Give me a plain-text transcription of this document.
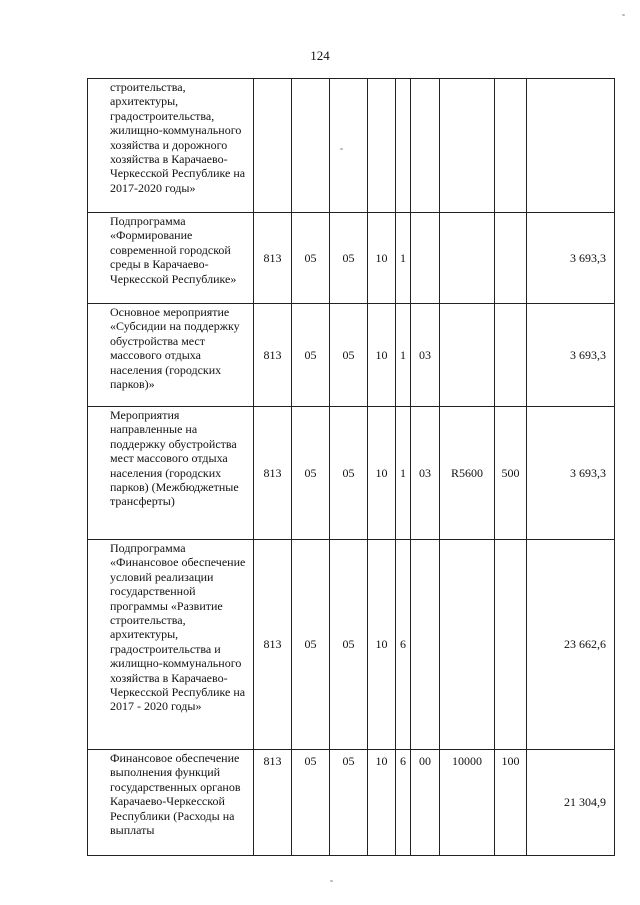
124
строительства, архитектуры, градостроительства, жилищно-коммунального хозяйства и дорожного хозяйства в Карачаево-Черкесской Республике на 2017-2020 годы»									

Подпрограмма «Формирование современной городской среды в Карачаево-Черкесской Республике»	813	05	05	10	1				3 693,3

Основное мероприятие «Субсидии на поддержку обустройства мест массового отдыха населения (городских парков)»	813	05	05	10	1	03			3 693,3

Мероприятия направленные на поддержку обустройства мест массового отдыха населения (городских парков) (Межбюджетные трансферты)	813	05	05	10	1	03	R5600	500	3 693,3

Подпрограмма «Финансовое обеспечение условий реализации государственной программы «Развитие строительства, архитектуры, градостроительства и жилищно-коммунального хозяйства в Карачаево-Черкесской Республике на 2017 - 2020 годы»	813	05	05	10	6				23 662,6

Финансовое обеспечение выполнения функций государственных органов Карачаево-Черкесской Республики (Расходы на выплаты	813	05	05	10	6	00	10000	100	21 304,9
